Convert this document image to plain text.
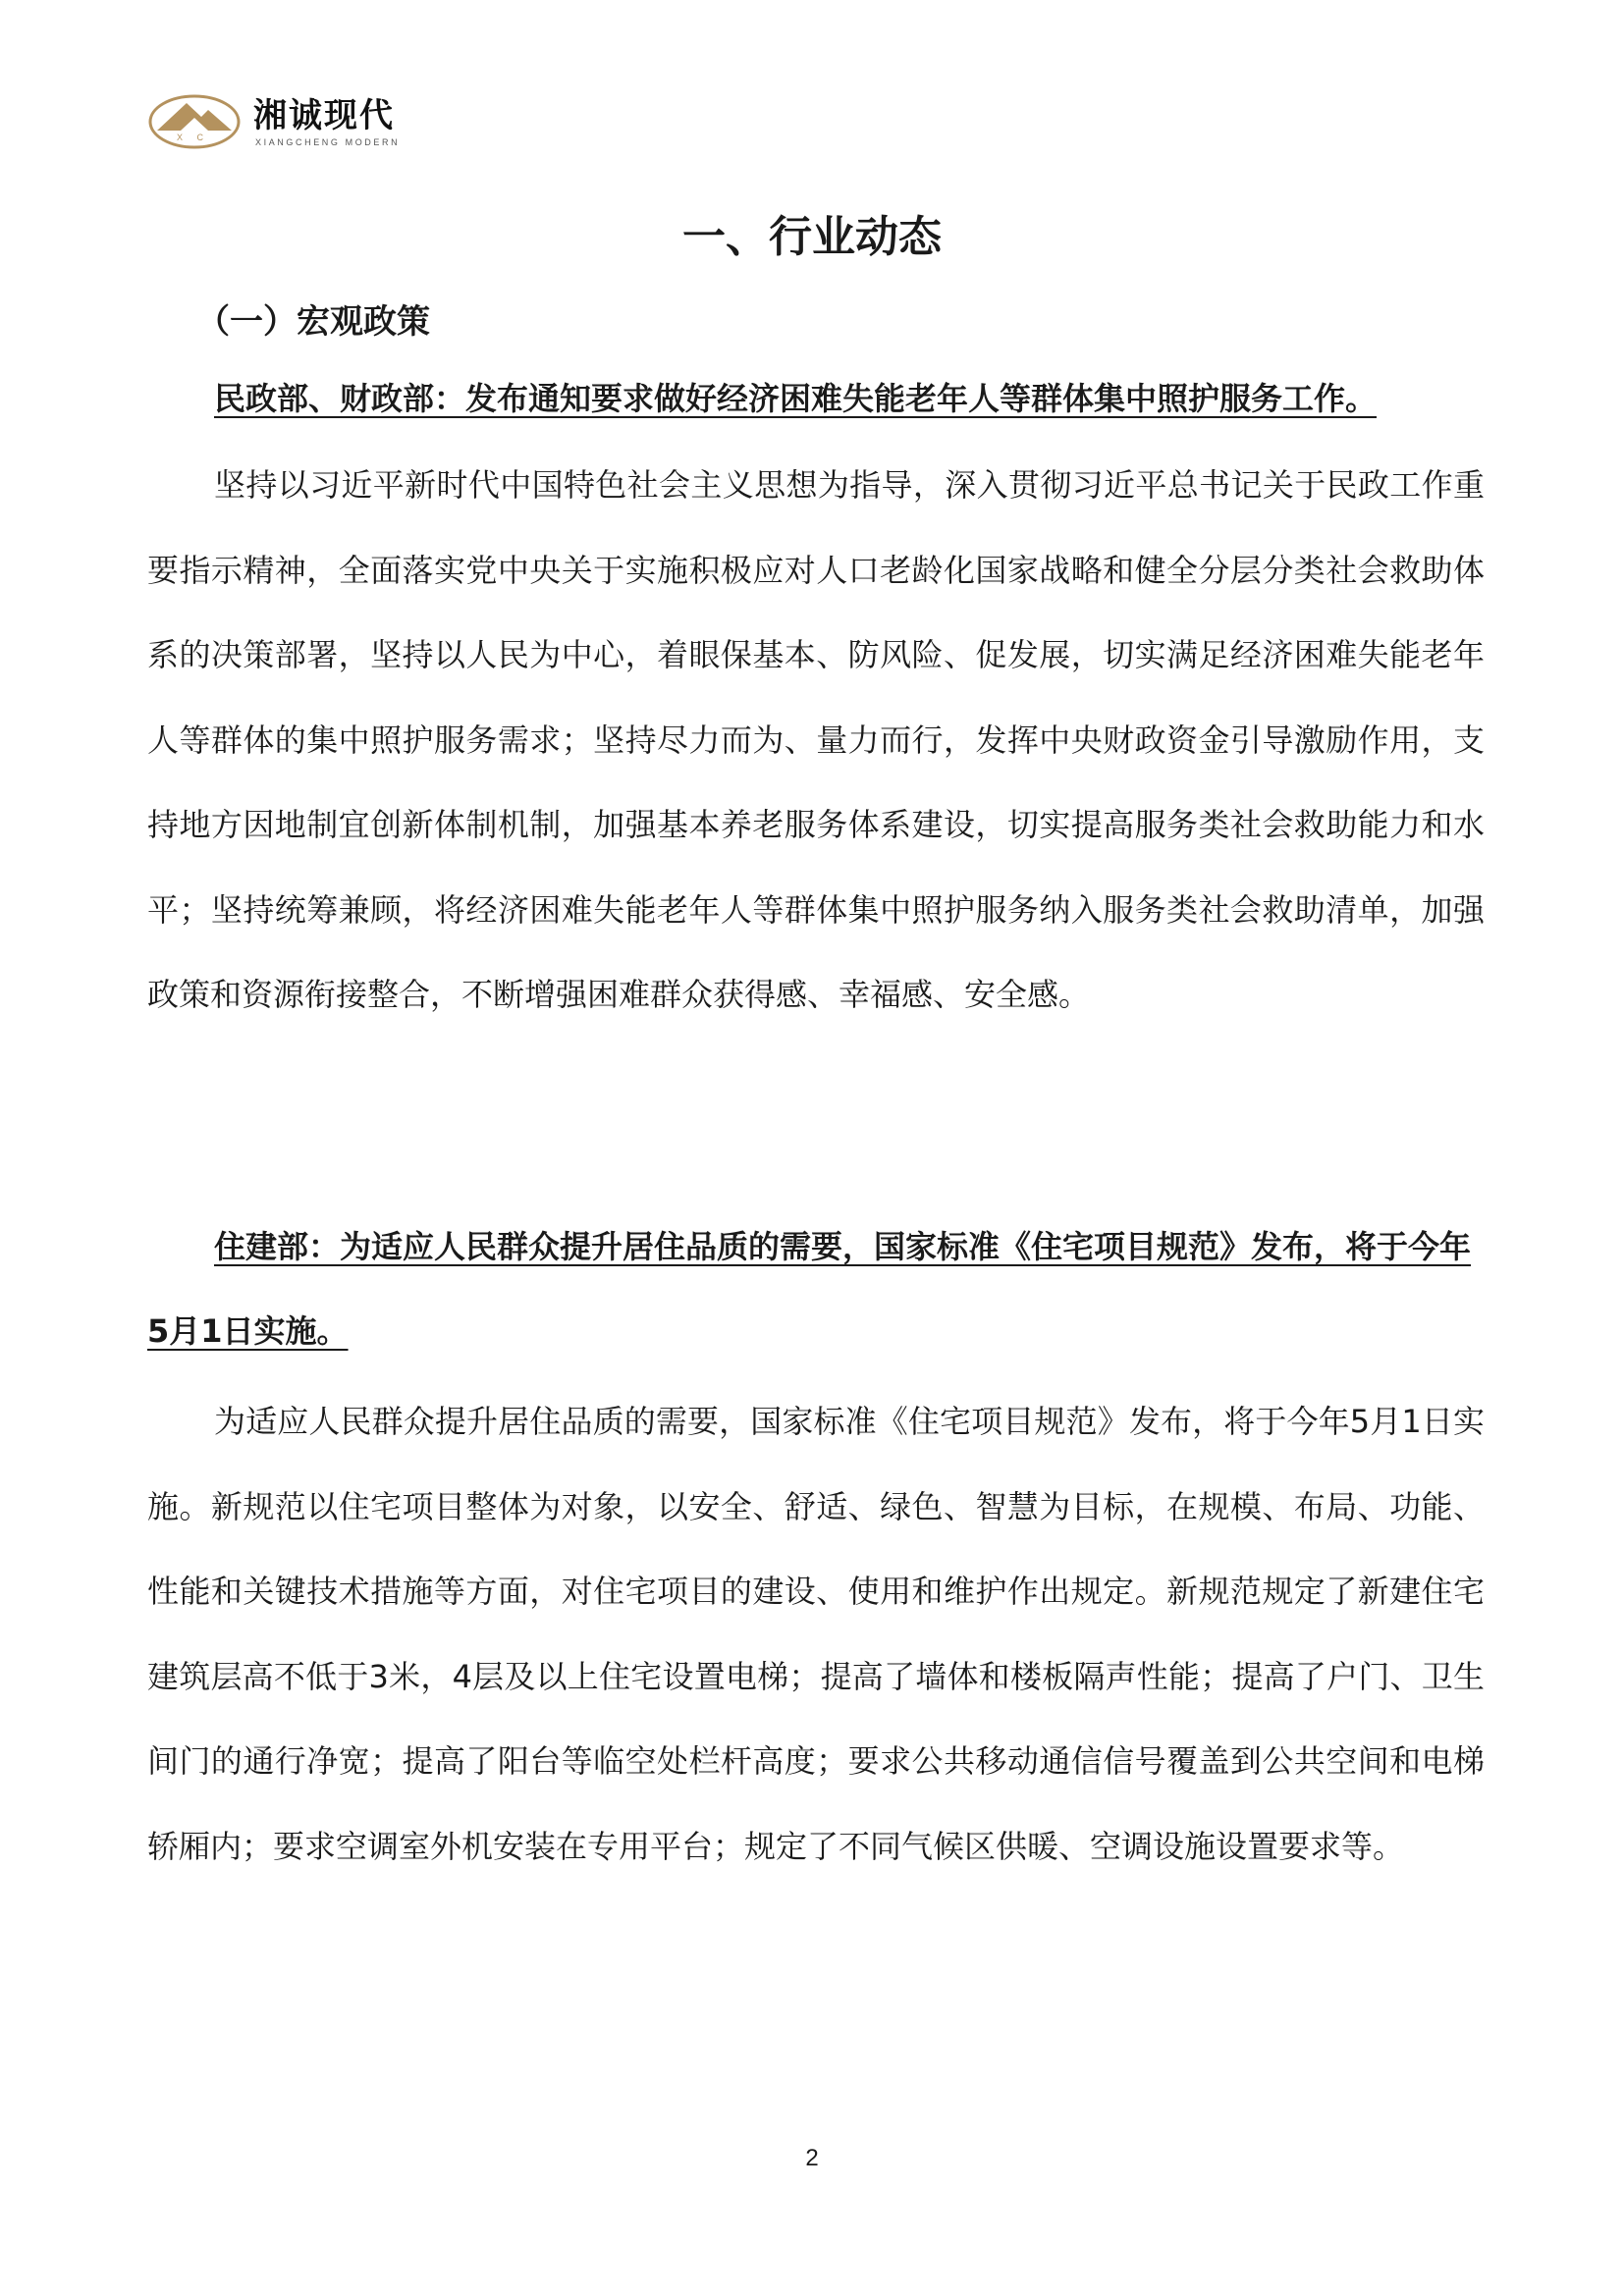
X C
湘诚现代
XIANGCHENG MODERN
一、行业动态
（一）宏观政策

民政部、财政部：发布通知要求做好经济困难失能老年人等群体集中照护服务工作。

坚持以习近平新时代中国特色社会主义思想为指导，深入贯彻习近平总书记关于民政工作重要指示精神，全面落实党中央关于实施积极应对人口老龄化国家战略和健全分层分类社会救助体系的决策部署，坚持以人民为中心，着眼保基本、防风险、促发展，切实满足经济困难失能老年人等群体的集中照护服务需求；坚持尽力而为、量力而行，发挥中央财政资金引导激励作用，支持地方因地制宜创新体制机制，加强基本养老服务体系建设，切实提高服务类社会救助能力和水平；坚持统筹兼顾，将经济困难失能老年人等群体集中照护服务纳入服务类社会救助清单，加强政策和资源衔接整合，不断增强困难群众获得感、幸福感、安全感。

住建部：为适应人民群众提升居住品质的需要，国家标准《住宅项目规范》发布，将于今年5月1日实施。

为适应人民群众提升居住品质的需要，国家标准《住宅项目规范》发布，将于今年5月1日实施。新规范以住宅项目整体为对象，以安全、舒适、绿色、智慧为目标，在规模、布局、功能、性能和关键技术措施等方面，对住宅项目的建设、使用和维护作出规定。新规范规定了新建住宅建筑层高不低于3米，4层及以上住宅设置电梯；提高了墙体和楼板隔声性能；提高了户门、卫生间门的通行净宽；提高了阳台等临空处栏杆高度；要求公共移动通信信号覆盖到公共空间和电梯轿厢内；要求空调室外机安装在专用平台；规定了不同气候区供暖、空调设施设置要求等。

2
